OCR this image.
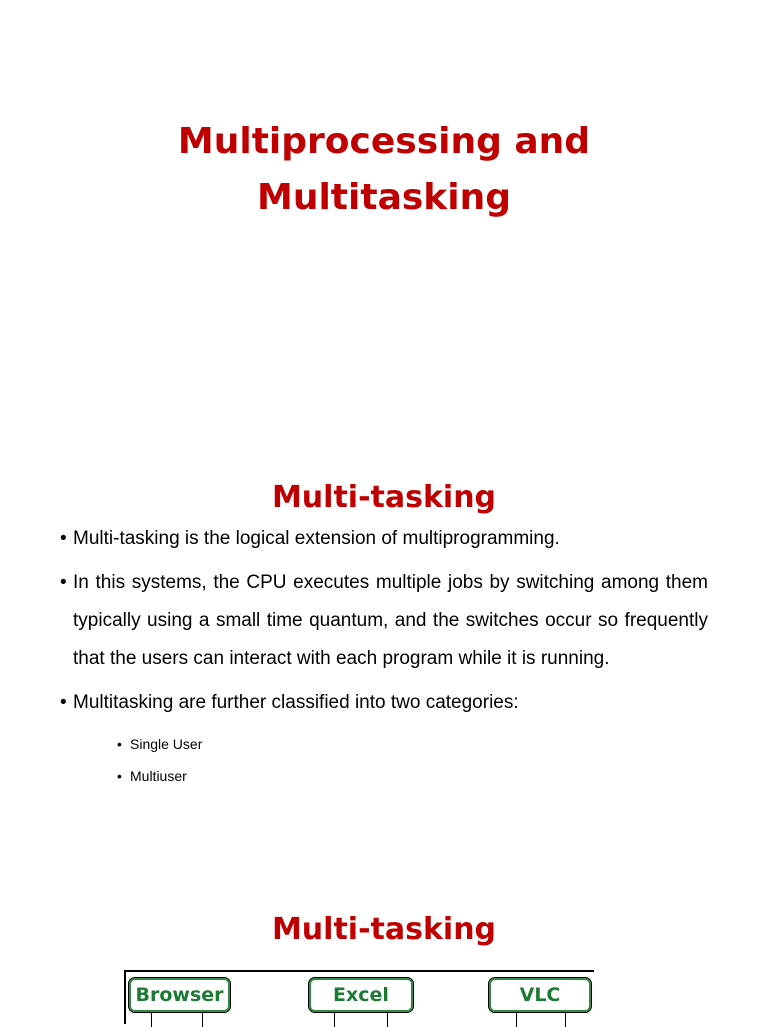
Multiprocessing and
Multitasking
Multi-tasking
• Multi-tasking is the logical extension of multiprogramming.
• In this systems, the CPU executes multiple jobs by switching among them typically using a small time quantum, and the switches occur so frequently that the users can interact with each program while it is running.
• Multitasking are further classified into two categories:
• Single User
• Multiuser
Multi-tasking
Browser	Excel	VLC
